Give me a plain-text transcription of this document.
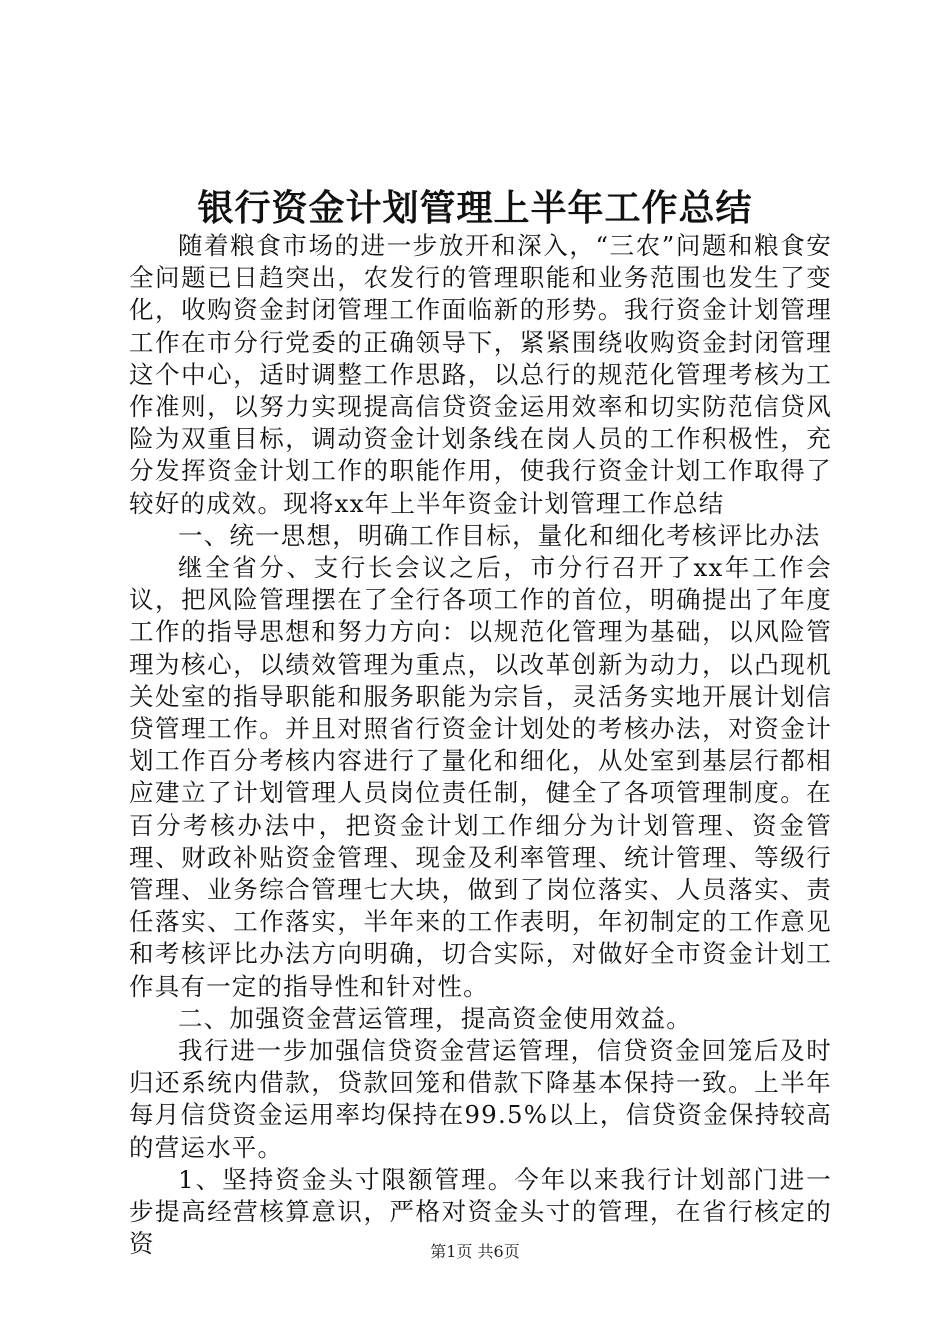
银行资金计划管理上半年工作总结

随着粮食市场的进一步放开和深入，“三农”问题和粮食安全问题已日趋突出，农发行的管理职能和业务范围也发生了变化，收购资金封闭管理工作面临新的形势。我行资金计划管理工作在市分行党委的正确领导下，紧紧围绕收购资金封闭管理这个中心，适时调整工作思路，以总行的规范化管理考核为工作准则，以努力实现提高信贷资金运用效率和切实防范信贷风险为双重目标，调动资金计划条线在岗人员的工作积极性，充分发挥资金计划工作的职能作用，使我行资金计划工作取得了较好的成效。现将xx年上半年资金计划管理工作总结

一、统一思想，明确工作目标，量化和细化考核评比办法

继全省分、支行长会议之后，市分行召开了xx年工作会议，把风险管理摆在了全行各项工作的首位，明确提出了年度工作的指导思想和努力方向：以规范化管理为基础，以风险管理为核心，以绩效管理为重点，以改革创新为动力，以凸现机关处室的指导职能和服务职能为宗旨，灵活务实地开展计划信贷管理工作。并且对照省行资金计划处的考核办法，对资金计划工作百分考核内容进行了量化和细化，从处室到基层行都相应建立了计划管理人员岗位责任制，健全了各项管理制度。在百分考核办法中，把资金计划工作细分为计划管理、资金管理、财政补贴资金管理、现金及利率管理、统计管理、等级行管理、业务综合管理七大块，做到了岗位落实、人员落实、责任落实、工作落实，半年来的工作表明，年初制定的工作意见和考核评比办法方向明确，切合实际，对做好全市资金计划工作具有一定的指导性和针对性。

二、加强资金营运管理，提高资金使用效益。

我行进一步加强信贷资金营运管理，信贷资金回笼后及时归还系统内借款，贷款回笼和借款下降基本保持一致。上半年每月信贷资金运用率均保持在99.5%以上，信贷资金保持较高的营运水平。

1、坚持资金头寸限额管理。今年以来我行计划部门进一步提高经营核算意识，严格对资金头寸的管理，在省行核定的资	第1页 共6页
